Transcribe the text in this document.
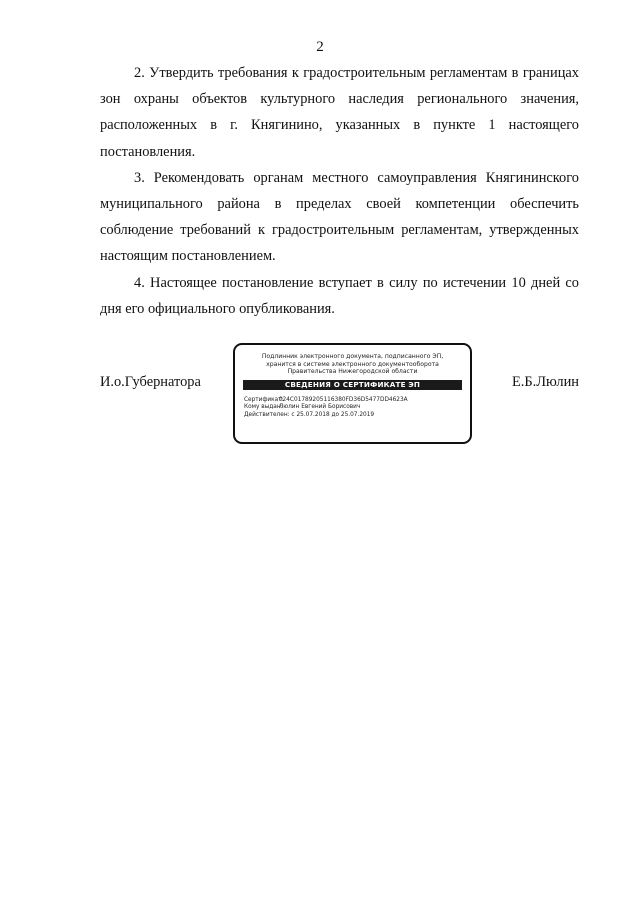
2

2. Утвердить требования к градостроительным регламентам в границах зон охраны объектов культурного наследия регионального значения, расположенных в г. Княгинино, указанных в пункте 1 настоящего постановления.

3. Рекомендовать органам местного самоуправления Княгининского муниципального района в пределах своей компетенции обеспечить соблюдение требований к градостроительным регламентам, утвержденных настоящим постановлением.

4. Настоящее постановление вступает в силу по истечении 10 дней со дня его официального опубликования.

И.о.Губернатора
Подлинник электронного документа, подписанного ЭП,
хранится в системе электронного документооборота
Правительства Нижегородской области
СВЕДЕНИЯ О СЕРТИФИКАТЕ ЭП
Сертификат: 024C01789205116380FD36D5477DD4623A
Кому выдан: Люлин Евгений Борисович
Действителен: с 25.07.2018 до 25.07.2019
Е.Б.Люлин
